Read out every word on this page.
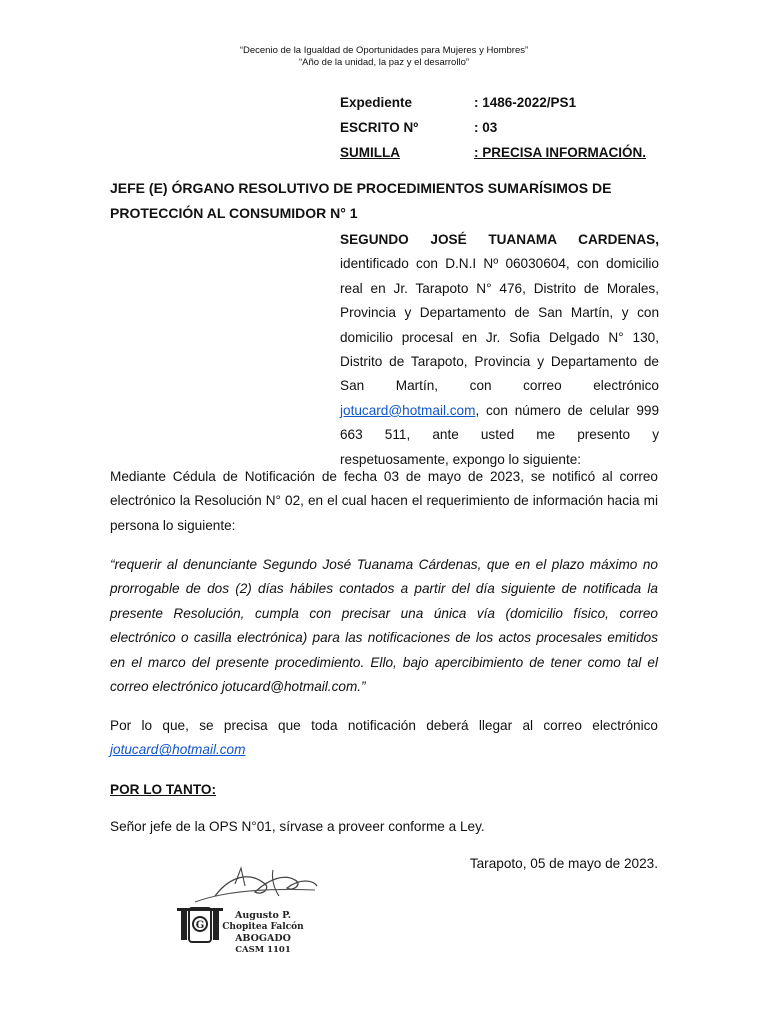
“Decenio de la Igualdad de Oportunidades para Mujeres y Hombres”
“Año de la unidad, la paz y el desarrollo”
Expediente	: 1486-2022/PS1
ESCRITO Nº	: 03
SUMILLA	: PRECISA INFORMACIÓN.
JEFE (E) ÓRGANO RESOLUTIVO DE PROCEDIMIENTOS SUMARÍSIMOS DE PROTECCIÓN AL CONSUMIDOR N° 1
SEGUNDO JOSÉ TUANAMA CARDENAS, identificado con D.N.I Nº 06030604, con domicilio real en Jr. Tarapoto N° 476, Distrito de Morales, Provincia y Departamento de San Martín, y con domicilio procesal en Jr. Sofia Delgado N° 130, Distrito de Tarapoto, Provincia y Departamento de San Martín, con correo electrónico jotucard@hotmail.com, con número de celular 999 663 511, ante usted me presento y respetuosamente, expongo lo siguiente:
Mediante Cédula de Notificación de fecha 03 de mayo de 2023, se notificó al correo electrónico la Resolución N° 02, en el cual hacen el requerimiento de información hacia mi persona lo siguiente:
“requerir al denunciante Segundo José Tuanama Cárdenas, que en el plazo máximo no prorrogable de dos (2) días hábiles contados a partir del día siguiente de notificada la presente Resolución, cumpla con precisar una única vía (domicilio físico, correo electrónico o casilla electrónica) para las notificaciones de los actos procesales emitidos en el marco del presente procedimiento. Ello, bajo apercibimiento de tener como tal el correo electrónico jotucard@hotmail.com.”
Por lo que, se precisa que toda notificación deberá llegar al correo electrónico jotucard@hotmail.com
POR LO TANTO:
Señor jefe de la OPS N°01, sírvase a proveer conforme a Ley.
Tarapoto, 05 de mayo de 2023.
G
Augusto P.
Chopitea Falcón
ABOGADO
CASM 1101
